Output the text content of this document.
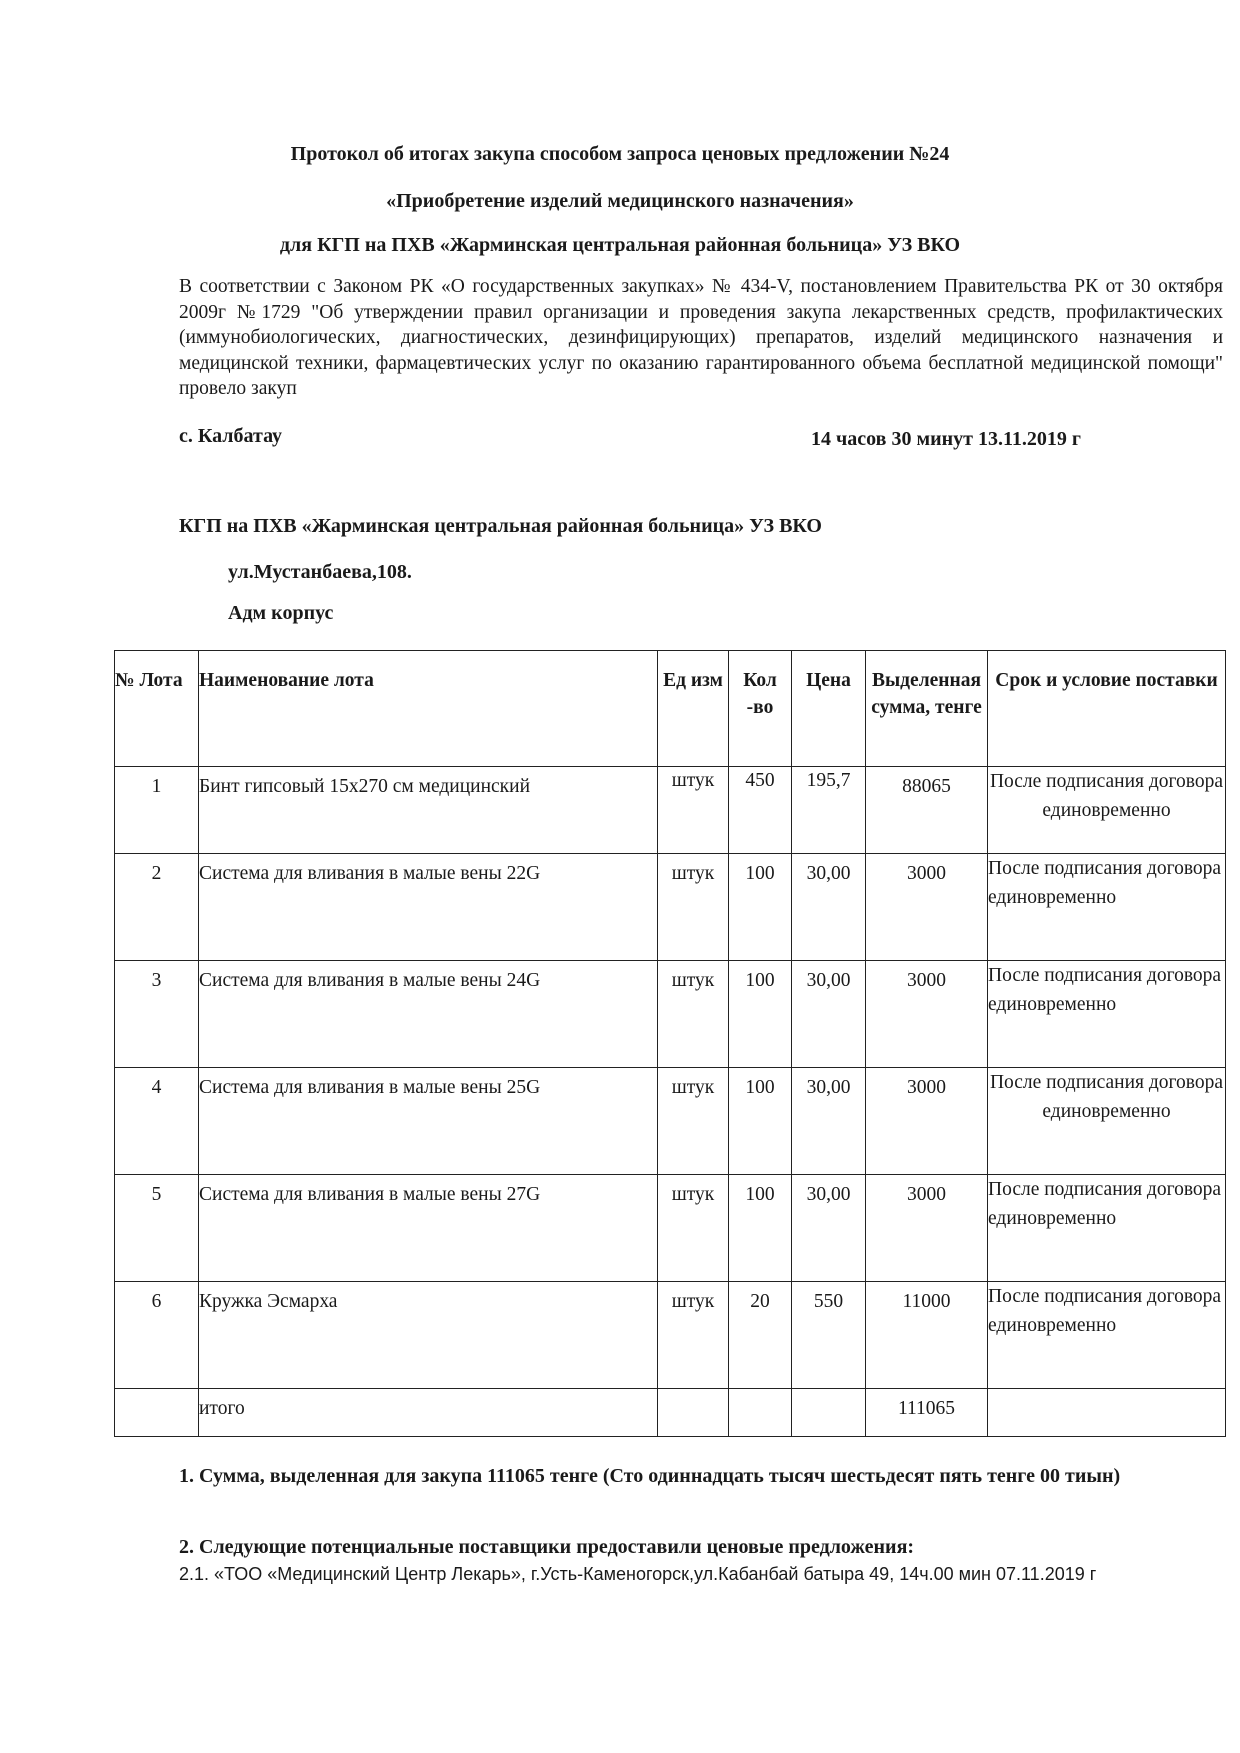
Протокол об итогах закупа способом запроса ценовых предложении №24
«Приобретение изделий медицинского назначения»
для КГП на ПХВ «Жарминская центральная районная больница» УЗ ВКО

В соответствии с Законом РК «О государственных закупках» № 434-V, постановлением Правительства РК от 30 октября 2009г №1729 "Об утверждении правил организации и проведения закупа лекарственных средств, профилактических (иммунобиологических, диагностических, дезинфицирующих) препаратов, изделий медицинского назначения и медицинской техники, фармацевтических услуг по оказанию гарантированного объема бесплатной медицинской помощи" провело закуп

с. Калбатау	14 часов 30 минут 13.11.2019 г
КГП на ПХВ «Жарминская центральная районная больница» УЗ ВКО
ул.Мустанбаева,108.
Адм корпус
№ Лота	Наименование лота	Ед изм	Кол -во	Цена	Выделенная сумма, тенге	Срок и условие поставки
1	Бинт гипсовый 15х270 см медицинский	штук	450	195,7	88065	После подписания договора единовременно
2	Система для вливания в малые вены 22G	штук	100	30,00	3000	После подписания договора единовременно
3	Система для вливания в малые вены 24G	штук	100	30,00	3000	После подписания договора единовременно
4	Система для вливания в малые вены 25G	штук	100	30,00	3000	После подписания договора единовременно
5	Система для вливания в малые вены 27G	штук	100	30,00	3000	После подписания договора единовременно
6	Кружка Эсмарха	штук	20	550	11000	После подписания договора единовременно
	итого				111065	

1. Сумма, выделенная для закупа 111065 тенге (Сто одиннадцать тысяч шестьдесят пять тенге 00 тиын)

2. Следующие потенциальные поставщики предоставили ценовые предложения:

2.1. «ТОО «Медицинский Центр Лекарь», г.Усть-Каменогорск,ул.Кабанбай батыра 49, 14ч.00 мин 07.11.2019 г
